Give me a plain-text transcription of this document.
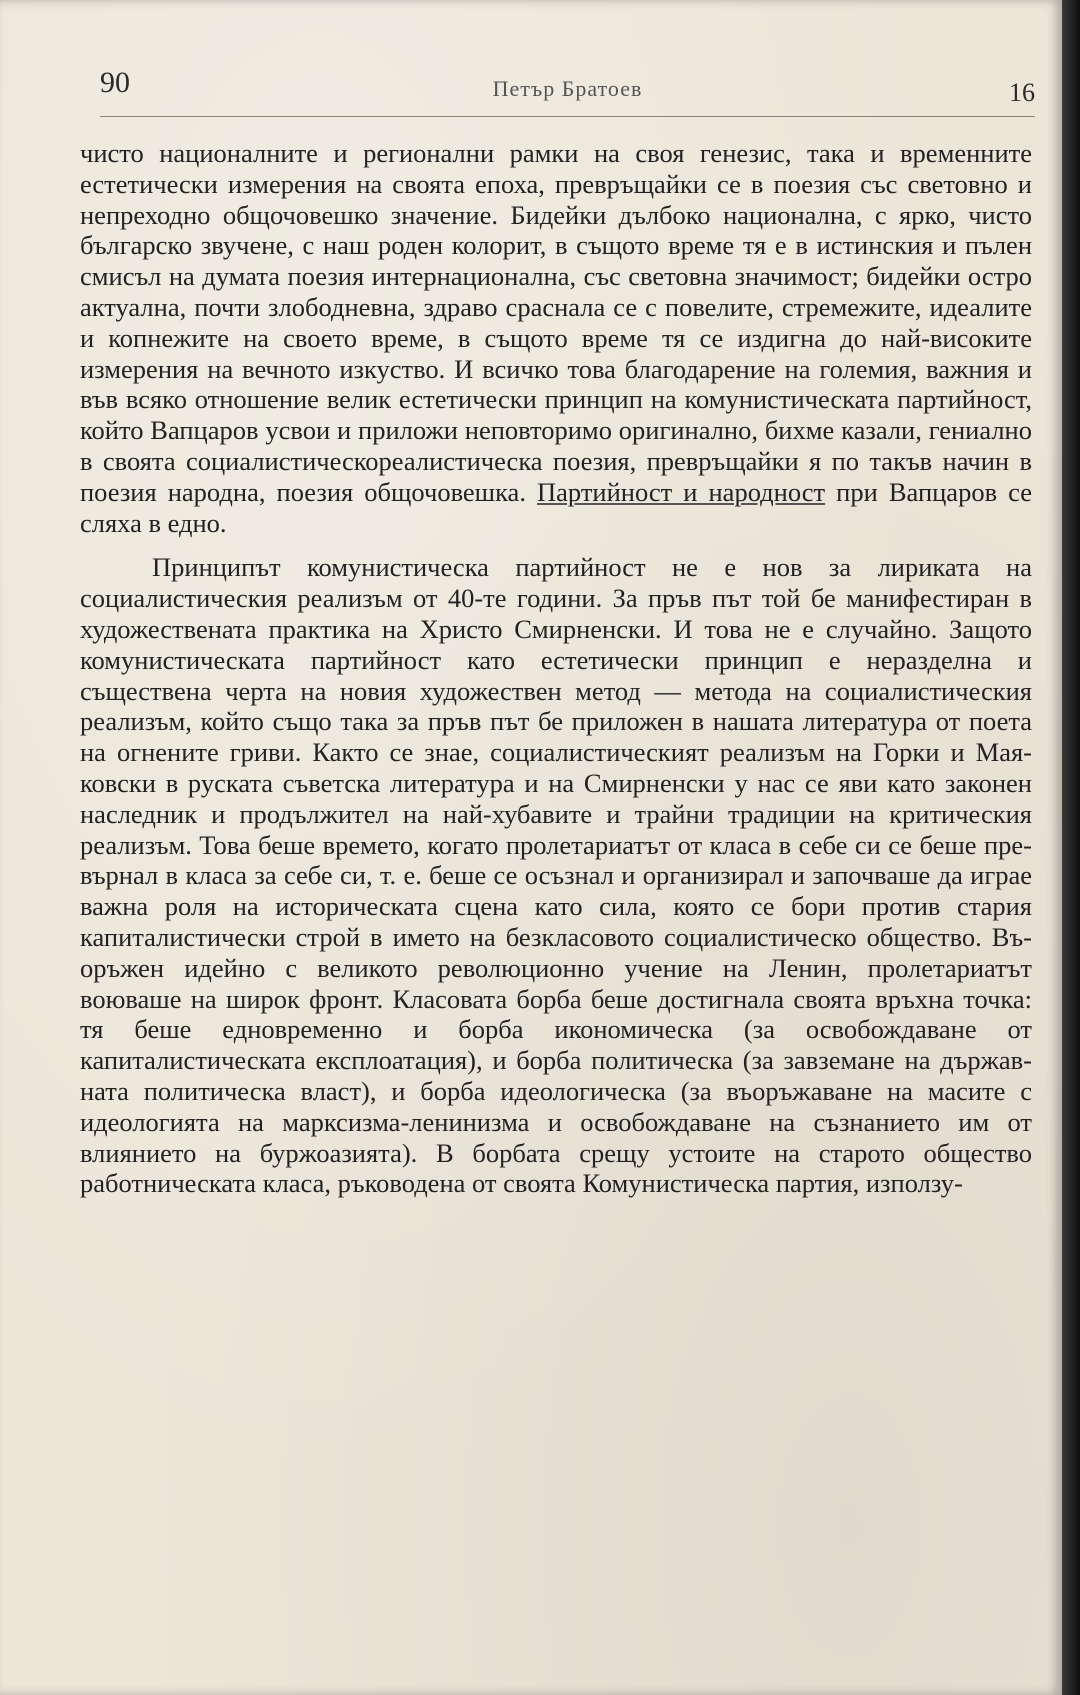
90	Петър Братоев	16

чисто националните и регионални рамки на своя генезис, така и временните естетически измерения на своята епоха, превръщайки се в поезия със световно и непреходно общочовешко значение. Бидейки дълбоко национална, с ярко, чисто българско звучене, с наш роден колорит, в същото време тя е в истинския и пълен смисъл на думата поезия интернационална, със световна значимост; бидейки остро актуална, почти злободневна, здраво сраснала се с повелите, стремежите, идеалите и копнежите на своето време, в същото време тя се издигна до най-високите измерения на вечното изкуство. И всичко това благодарение на големия, важния и във всяко отношение велик естетически принцип на комунистическата партийност, който Вапцаров усвои и приложи неповторимо оригинално, бихме казали, гениално в своята социалистическореалистическа поезия, превръщайки я по такъв начин в поезия народна, поезия общочовешка. Партийност и народност при Вапцаров се сляха в едно.

Принципът комунистическа партийност не е нов за лириката на социалистическия реализъм от 40-те години. За пръв път той бе манифестиран в художествената практика на Христо Смирненски. И това не е случайно. Защото комунистическата партийност като естетически принцип е неразделна и съществена черта на новия художествен метод — метода на социалистическия реализъм, който също така за пръв път бе приложен в нашата литература от поета на огнените гриви. Както се знае, социалистическият реализъм на Горки и Маяковски в руската съветска литература и на Смирненски у нас се яви като законен наследник и продължител на най-хубавите и трайни традиции на критическия реализъм. Това беше времето, когато пролетариатът от класа в себе си се беше превърнал в класа за себе си, т. е. беше се осъзнал и организирал и започваше да играе важна роля на историческата сцена като сила, която се бори против стария капиталистически строй в името на безкласовото социалистическо общество. Въоръжен идейно с великото революционно учение на Ленин, пролетариатът воюваше на широк фронт. Класовата борба беше достигнала своята връхна точка: тя беше едновременно и борба икономическа (за освобождаване от капиталистическата експлоатация), и борба политическа (за завземане на държавната политическа власт), и борба идеологическа (за въоръжаване на масите с идеологията на марксизма-ленинизма и освобождаване на съзнанието им от влиянието на буржоазията). В борбата срещу устоите на старото общество работническата класа, ръководена от своята Комунистическа партия, използу-
